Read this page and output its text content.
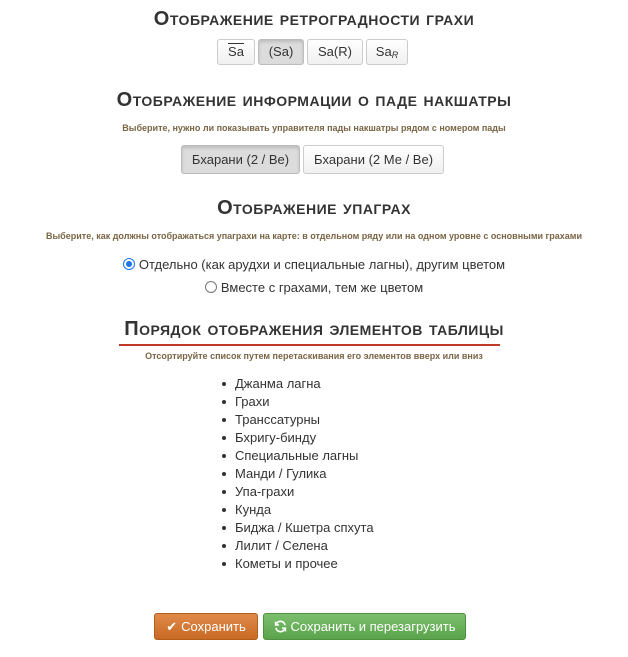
Отображение ретроградности грахи
Sa	(Sa)	Sa(R)	$Sa_R$
Отображение информации о паде накшатры

Выберите, нужно ли показывать управителя пады накшатры рядом с номером пады

Бхарани (2 / Ве)	Бхарани (2 Ме / Ве)
Отображение упаграх

Выберите, как должны отображаться упаграхи на карте: в отдельном ряду или на одном уровне с основными грахами

Отдельно (как арудхи и специальные лагны), другим цветом
Вместе с грахами, тем же цветом
Порядок отображения элементов таблицы

Отсортируйте список путем перетаскивания его элементов вверх или вниз

Джанма лагна
Грахи
Транссатурны
Бхригу-бинду
Специальные лагны
Манди / Гулика
Упа-грахи
Кунда
Биджа / Кшетра спхута
Лилит / Селена
Кометы и прочее
✔ Сохранить	Сохранить и перезагрузить
